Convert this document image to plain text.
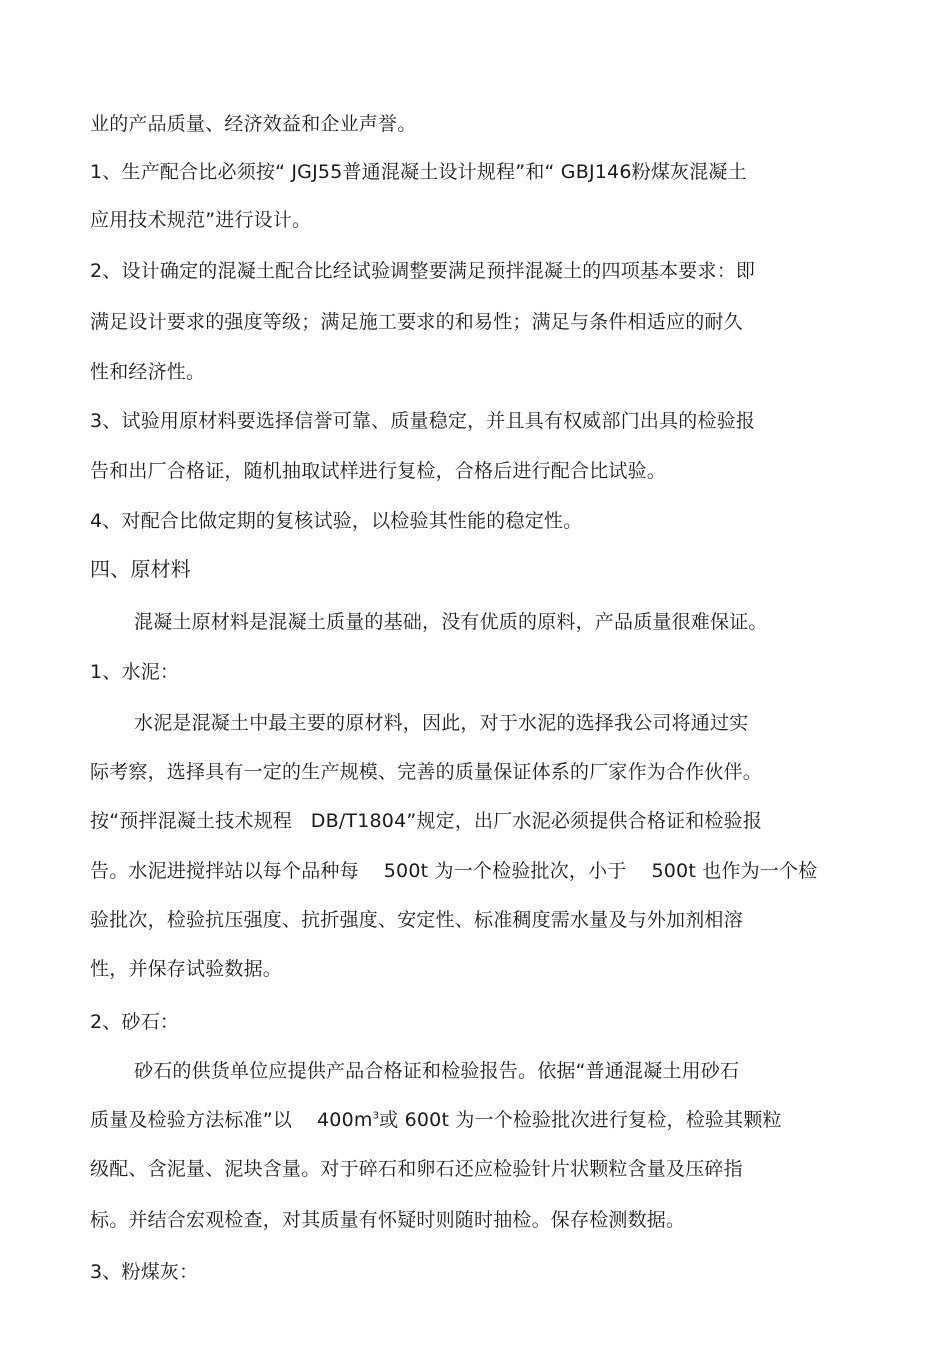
业的产品质量、经济效益和企业声誉。
1、生产配合比必须按“ JGJ55普通混凝土设计规程”和“ GBJ146粉煤灰混凝土
应用技术规范”进行设计。
2、设计确定的混凝土配合比经试验调整要满足预拌混凝土的四项基本要求：即
满足设计要求的强度等级；满足施工要求的和易性；满足与条件相适应的耐久
性和经济性。
3、试验用原材料要选择信誉可靠、质量稳定，并且具有权威部门出具的检验报
告和出厂合格证，随机抽取试样进行复检，合格后进行配合比试验。
4、对配合比做定期的复核试验，以检验其性能的稳定性。
四、原材料
混凝土原材料是混凝土质量的基础，没有优质的原料，产品质量很难保证。
1、水泥：
水泥是混凝土中最主要的原材料，因此，对于水泥的选择我公司将通过实
际考察，选择具有一定的生产规模、完善的质量保证体系的厂家作为合作伙伴。
按“预拌混凝土技术规程   DB/T1804”规定，出厂水泥必须提供合格证和检验报
告。水泥进搅拌站以每个品种每    500t 为一个检验批次，小于    500t 也作为一个检
验批次，检验抗压强度、抗折强度、安定性、标准稠度需水量及与外加剂相溶
性，并保存试验数据。
2、砂石：
砂石的供货单位应提供产品合格证和检验报告。依据“普通混凝土用砂石
质量及检验方法标准”以    $400m^3$或 600t 为一个检验批次进行复检，检验其颗粒
级配、含泥量、泥块含量。对于碎石和卵石还应检验针片状颗粒含量及压碎指
标。并结合宏观检查，对其质量有怀疑时则随时抽检。保存检测数据。
3、粉煤灰：
